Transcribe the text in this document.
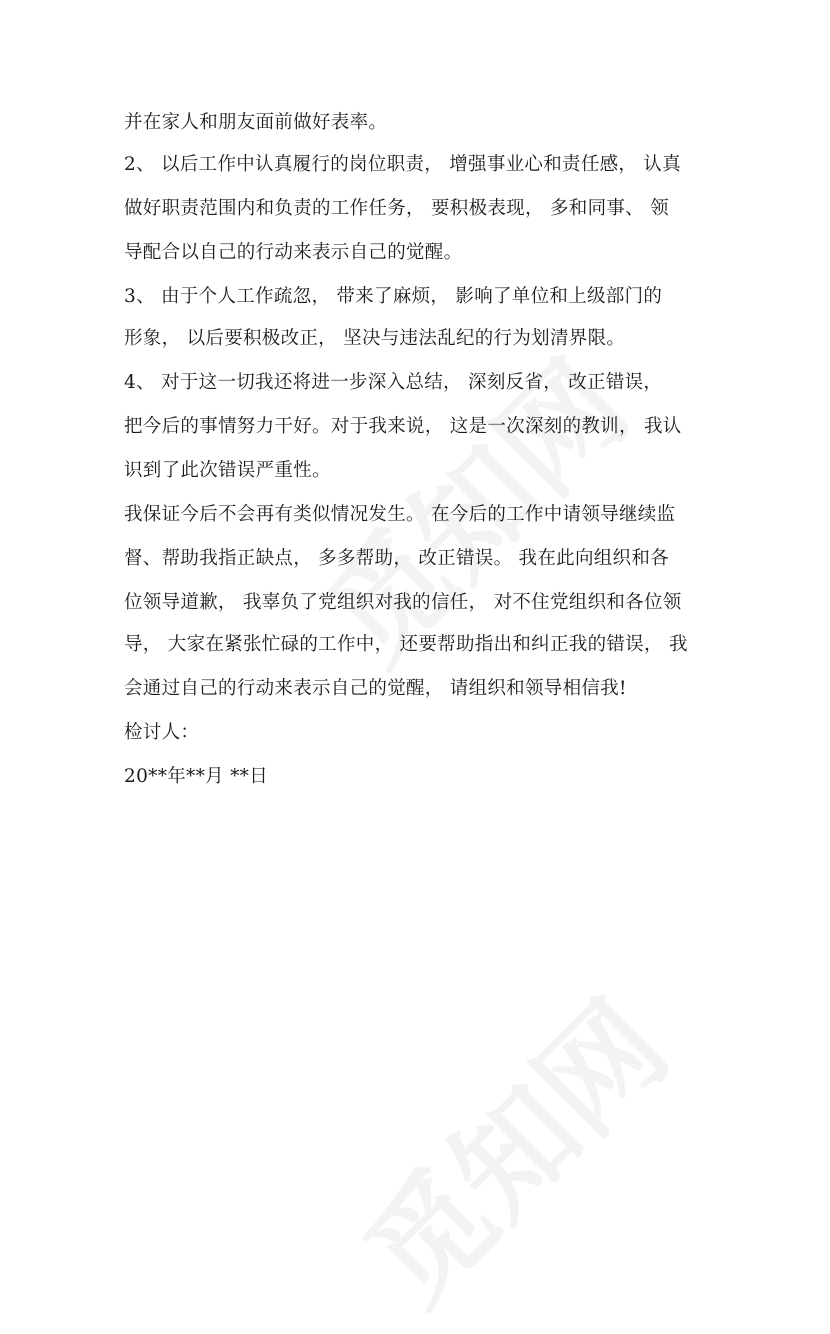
并在家人和朋友面前做好表率。
2、 以后工作中认真履行的岗位职责， 增强事业心和责任感， 认真
做好职责范围内和负责的工作任务， 要积极表现， 多和同事、 领
导配合以自己的行动来表示自己的觉醒。
3、 由于个人工作疏忽， 带来了麻烦， 影响了单位和上级部门的
形象， 以后要积极改正， 坚决与违法乱纪的行为划清界限。
4、 对于这一切我还将进一步深入总结， 深刻反省， 改正错误，
把今后的事情努力干好。对于我来说， 这是一次深刻的教训， 我认
识到了此次错误严重性。
我保证今后不会再有类似情况发生。 在今后的工作中请领导继续监
督、帮助我指正缺点， 多多帮助， 改正错误。 我在此向组织和各
位领导道歉， 我辜负了党组织对我的信任， 对不住党组织和各位领
导， 大家在紧张忙碌的工作中， 还要帮助指出和纠正我的错误， 我
会通过自己的行动来表示自己的觉醒， 请组织和领导相信我!
检讨人：
20**年**月 **日
